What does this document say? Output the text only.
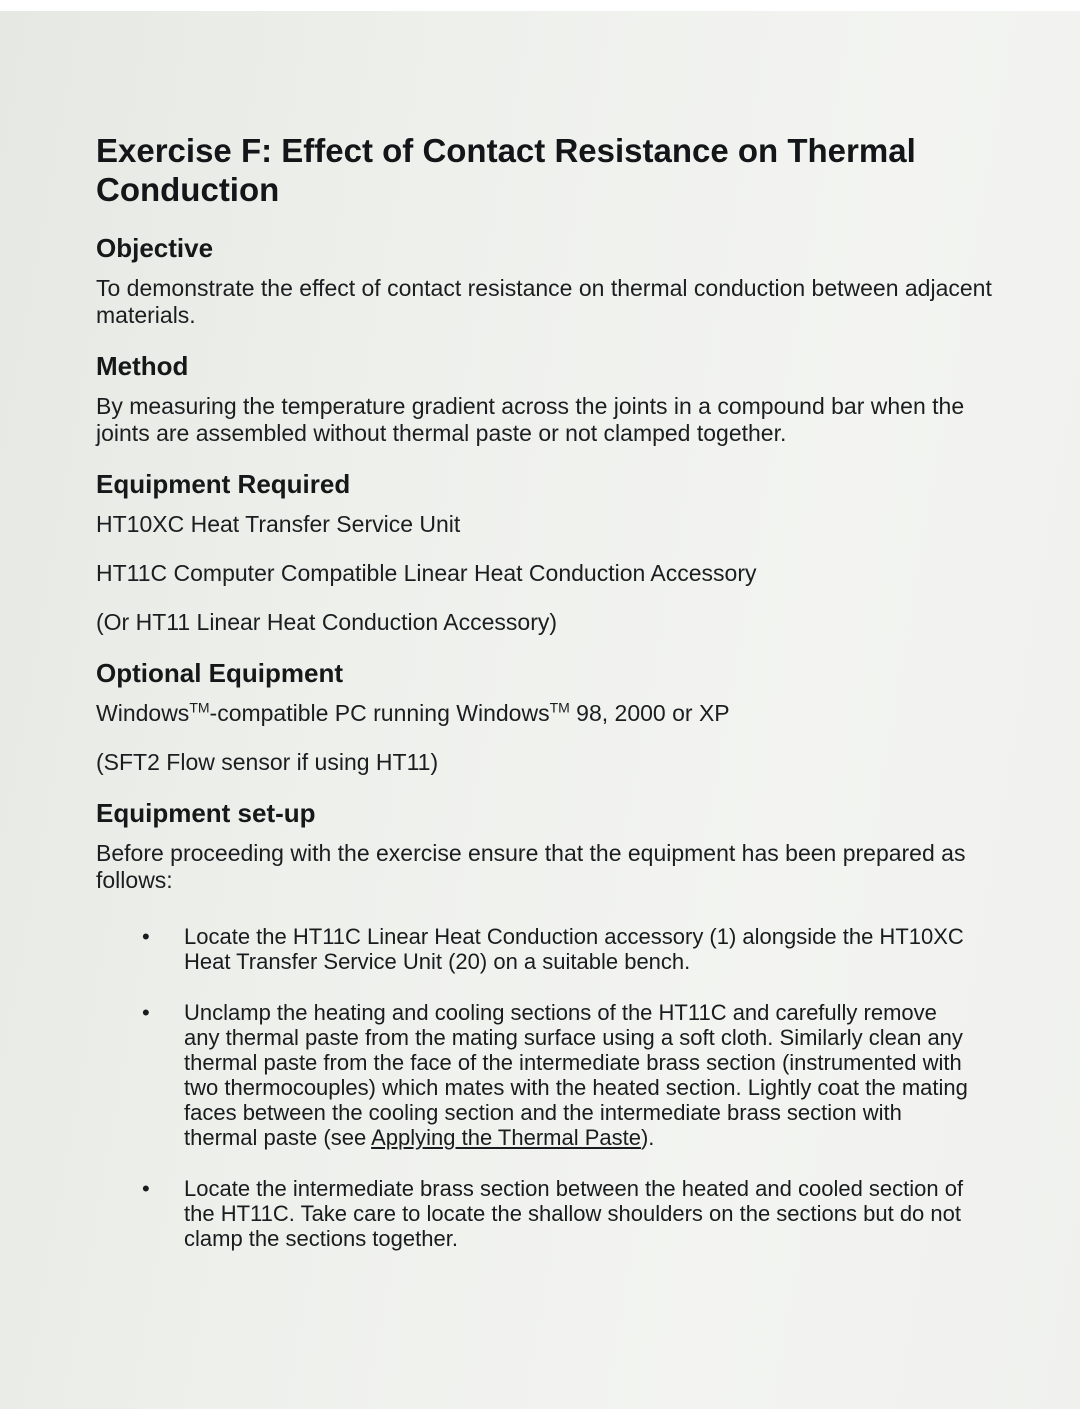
Exercise F: Effect of Contact Resistance on Thermal Conduction
Objective

To demonstrate the effect of contact resistance on thermal conduction between adjacent materials.

Method

By measuring the temperature gradient across the joints in a compound bar when the joints are assembled without thermal paste or not clamped together.

Equipment Required

HT10XC Heat Transfer Service Unit

HT11C Computer Compatible Linear Heat Conduction Accessory

(Or HT11 Linear Heat Conduction Accessory)

Optional Equipment

Windows™-compatible PC running Windows™ 98, 2000 or XP

(SFT2 Flow sensor if using HT11)

Equipment set-up

Before proceeding with the exercise ensure that the equipment has been prepared as follows:

• Locate the HT11C Linear Heat Conduction accessory (1) alongside the HT10XC Heat Transfer Service Unit (20) on a suitable bench.
• Unclamp the heating and cooling sections of the HT11C and carefully remove any thermal paste from the mating surface using a soft cloth. Similarly clean any thermal paste from the face of the intermediate brass section (instrumented with two thermocouples) which mates with the heated section. Lightly coat the mating faces between the cooling section and the intermediate brass section with thermal paste (see Applying the Thermal Paste).
• Locate the intermediate brass section between the heated and cooled section of the HT11C. Take care to locate the shallow shoulders on the sections but do not clamp the sections together.
